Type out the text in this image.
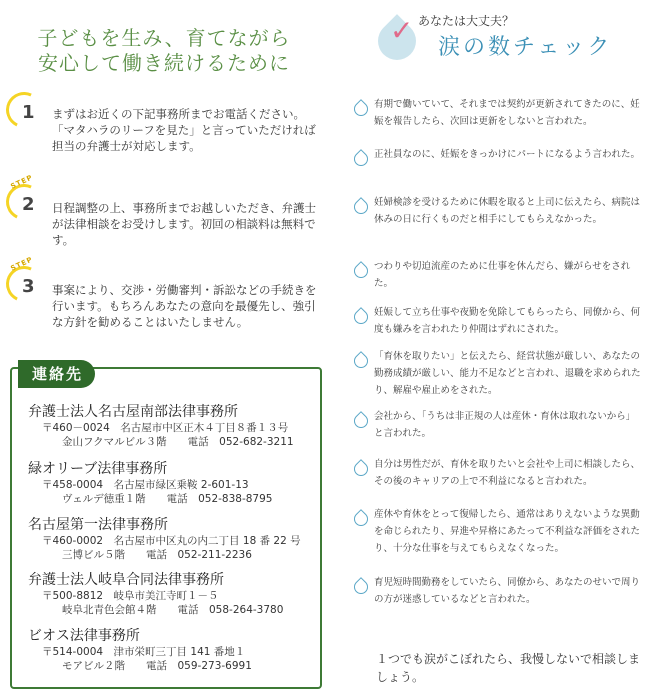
子どもを生み、育てながら
安心して働き続けるために
1 まずはお近くの下記事務所までお電話ください。「マタハラのリーフを見た」と言っていただければ担当の弁護士が対応します。
STEP
2 日程調整の上、事務所までお越しいただき、弁護士が法律相談をお受けします。初回の相談料は無料です。
STEP
3 事案により、交渉・労働審判・訴訟などの手続きを行います。もちろんあなたの意向を最優先し、強引な方針を勧めることはいたしません。
連絡先
弁護士法人名古屋南部法律事務所
〒460－0024　名古屋市中区正木４丁目８番１３号
金山フクマルビル３階　　電話　052-682-3211
緑オリーブ法律事務所
〒458-0004　名古屋市緑区乗鞍 2-601-13
ヴェルデ徳重１階　　電話　052-838-8795
名古屋第一法律事務所
〒460-0002　名古屋市中区丸の内二丁目 18 番 22 号
三博ビル５階　　電話　052-211-2236
弁護士法人岐阜合同法律事務所
〒500-8812　岐阜市美江寺町１－５
岐阜北青色会館４階　　電話　058-264-3780
ビオス法律事務所
〒514-0004　津市栄町三丁目 141 番地１
モアビル２階　　電話　059-273-6991
✓ あなたは大丈夫？
涙の数チェック
有期で働いていて、それまでは契約が更新されてきたのに、妊娠を報告したら、次回は更新をしないと言われた。
正社員なのに、妊娠をきっかけにパートになるよう言われた。
妊婦検診を受けるために休暇を取ると上司に伝えたら、病院は休みの日に行くものだと相手にしてもらえなかった。
つわりや切迫流産のために仕事を休んだら、嫌がらせをされた。
妊娠して立ち仕事や夜勤を免除してもらったら、同僚から、何度も嫌みを言われたり仲間はずれにされた。
「育休を取りたい」と伝えたら、経営状態が厳しい、あなたの勤務成績が厳しい、能力不足などと言われ、退職を求められたり、解雇や雇止めをされた。
会社から、「うちは非正規の人は産休・育休は取れないから」と言われた。
自分は男性だが、育休を取りたいと会社や上司に相談したら、その後のキャリアの上で不利益になると言われた。
産休や育休をとって復帰したら、通常はありえないような異動を命じられたり、昇進や昇格にあたって不利益な評価をされたり、十分な仕事を与えてもらえなくなった。
育児短時間勤務をしていたら、同僚から、あなたのせいで周りの方が迷惑しているなどと言われた。
１つでも涙がこぼれたら、我慢しないで相談しましょう。
